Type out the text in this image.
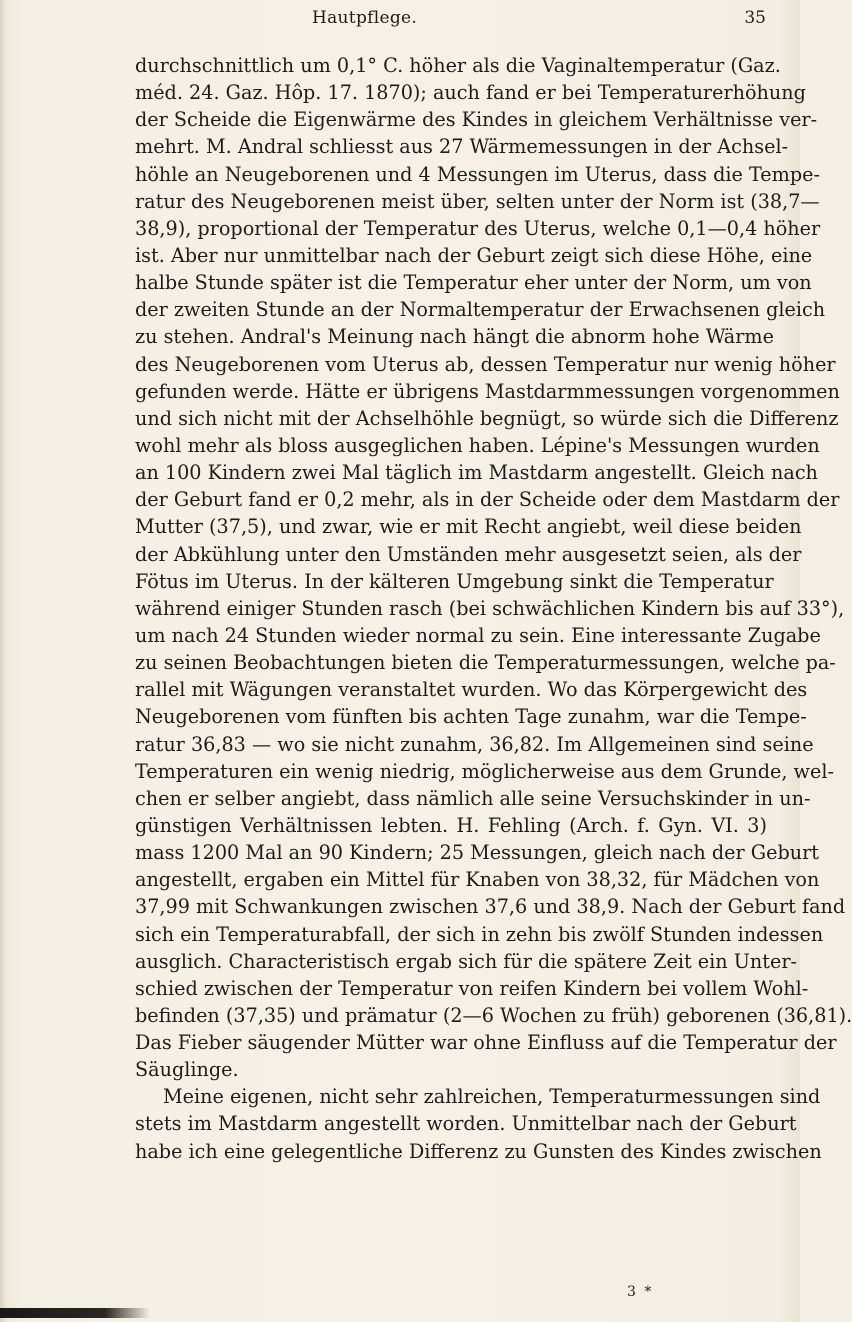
Hautpflege.	35
durchschnittlich um 0,1° C. höher als die Vaginaltemperatur (Gaz.
méd. 24. Gaz. Hôp. 17. 1870); auch fand er bei Temperaturerhöhung
der Scheide die Eigenwärme des Kindes in gleichem Verhältnisse ver-
mehrt. M. Andral schliesst aus 27 Wärmemessungen in der Achsel-
höhle an Neugeborenen und 4 Messungen im Uterus, dass die Tempe-
ratur des Neugeborenen meist über, selten unter der Norm ist (38,7—
38,9), proportional der Temperatur des Uterus, welche 0,1—0,4 höher
ist. Aber nur unmittelbar nach der Geburt zeigt sich diese Höhe, eine
halbe Stunde später ist die Temperatur eher unter der Norm, um von
der zweiten Stunde an der Normaltemperatur der Erwachsenen gleich
zu stehen. Andral's Meinung nach hängt die abnorm hohe Wärme
des Neugeborenen vom Uterus ab, dessen Temperatur nur wenig höher
gefunden werde. Hätte er übrigens Mastdarmmessungen vorgenommen
und sich nicht mit der Achselhöhle begnügt, so würde sich die Differenz
wohl mehr als bloss ausgeglichen haben. Lépine's Messungen wurden
an 100 Kindern zwei Mal täglich im Mastdarm angestellt. Gleich nach
der Geburt fand er 0,2 mehr, als in der Scheide oder dem Mastdarm der
Mutter (37,5), und zwar, wie er mit Recht angiebt, weil diese beiden
der Abkühlung unter den Umständen mehr ausgesetzt seien, als der
Fötus im Uterus. In der kälteren Umgebung sinkt die Temperatur
während einiger Stunden rasch (bei schwächlichen Kindern bis auf 33°),
um nach 24 Stunden wieder normal zu sein. Eine interessante Zugabe
zu seinen Beobachtungen bieten die Temperaturmessungen, welche pa-
rallel mit Wägungen veranstaltet wurden. Wo das Körpergewicht des
Neugeborenen vom fünften bis achten Tage zunahm, war die Tempe-
ratur 36,83 — wo sie nicht zunahm, 36,82. Im Allgemeinen sind seine
Temperaturen ein wenig niedrig, möglicherweise aus dem Grunde, wel-
chen er selber angiebt, dass nämlich alle seine Versuchskinder in un-
günstigen Verhältnissen lebten. H. Fehling (Arch. f. Gyn. VI. 3)
mass 1200 Mal an 90 Kindern; 25 Messungen, gleich nach der Geburt
angestellt, ergaben ein Mittel für Knaben von 38,32, für Mädchen von
37,99 mit Schwankungen zwischen 37,6 und 38,9. Nach der Geburt fand
sich ein Temperaturabfall, der sich in zehn bis zwölf Stunden indessen
ausglich. Characteristisch ergab sich für die spätere Zeit ein Unter-
schied zwischen der Temperatur von reifen Kindern bei vollem Wohl-
befinden (37,35) und prämatur (2—6 Wochen zu früh) geborenen (36,81).
Das Fieber säugender Mütter war ohne Einfluss auf die Temperatur der
Säuglinge.
Meine eigenen, nicht sehr zahlreichen, Temperaturmessungen sind
stets im Mastdarm angestellt worden. Unmittelbar nach der Geburt
habe ich eine gelegentliche Differenz zu Gunsten des Kindes zwischen
3 *
